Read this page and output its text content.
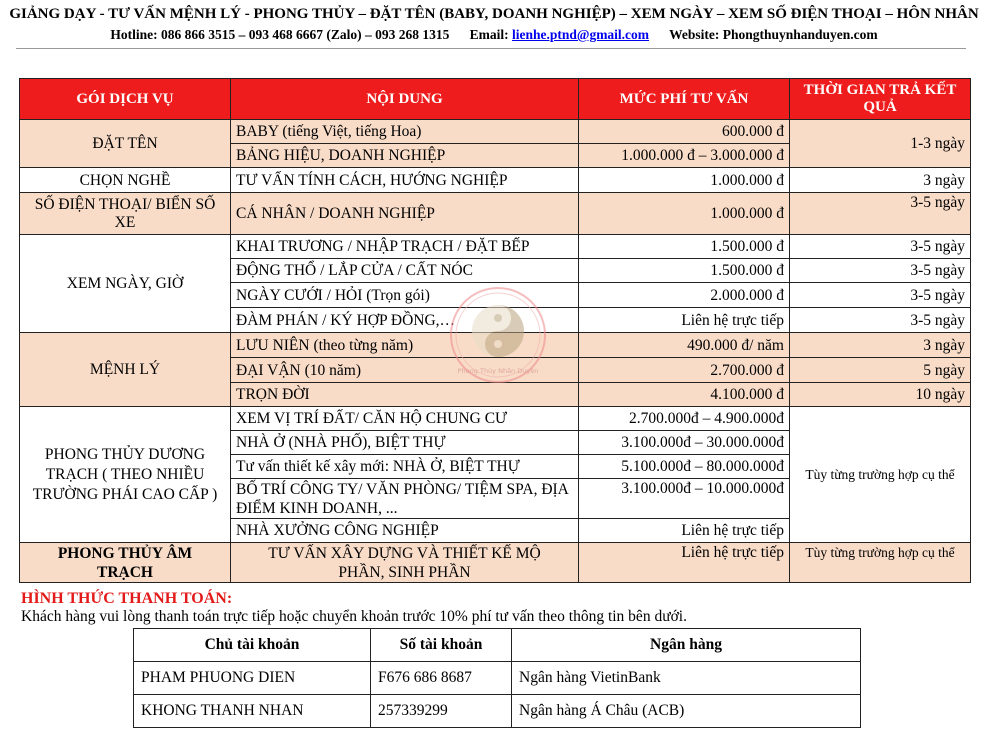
GIẢNG DẠY - TƯ VẤN MỆNH LÝ - PHONG THỦY – ĐẶT TÊN (BABY, DOANH NGHIỆP) – XEM NGÀY – XEM SỐ ĐIỆN THOẠI – HÔN NHÂN
Hotline: 086 866 3515 – 093 468 6667 (Zalo) – 093 268 1315 Email: lienhe.ptnd@gmail.com Website: Phongthuynhanduyen.com
GÓI DỊCH VỤ	NỘI DUNG	MỨC PHÍ TƯ VẤN	THỜI GIAN TRẢ KẾT QUẢ
ĐẶT TÊN	BABY (tiếng Việt, tiếng Hoa)	600.000 đ	1-3 ngày
	BẢNG HIỆU, DOANH NGHIỆP	1.000.000 đ – 3.000.000 đ	
CHỌN NGHỀ	TƯ VẤN TÍNH CÁCH, HƯỚNG NGHIỆP	1.000.000 đ	3 ngày
SỐ ĐIỆN THOẠI/ BIỂN SỐ XE	CÁ NHÂN / DOANH NGHIỆP	1.000.000 đ	3-5 ngày
XEM NGÀY, GIỜ	KHAI TRƯƠNG / NHẬP TRẠCH / ĐẶT BẾP	1.500.000 đ	3-5 ngày
	ĐỘNG THỔ / LẮP CỬA / CẤT NÓC	1.500.000 đ	3-5 ngày
	NGÀY CƯỚI / HỎI (Trọn gói)	2.000.000 đ	3-5 ngày
	ĐÀM PHÁN / KÝ HỢP ĐỒNG,…	Liên hệ trực tiếp	3-5 ngày
MỆNH LÝ	LƯU NIÊN (theo từng năm)	490.000 đ/ năm	3 ngày
	ĐẠI VẬN (10 năm)	2.700.000 đ	5 ngày
	TRỌN ĐỜI	4.100.000 đ	10 ngày
PHONG THỦY DƯƠNG TRẠCH ( THEO NHIỀU TRƯỜNG PHÁI CAO CẤP )	XEM VỊ TRÍ ĐẤT/ CĂN HỘ CHUNG CƯ	2.700.000đ – 4.900.000đ	Tùy từng trường hợp cụ thể
	NHÀ Ở (NHÀ PHỐ), BIỆT THỰ	3.100.000đ – 30.000.000đ	
	Tư vấn thiết kế xây mới: NHÀ Ở, BIỆT THỰ	5.100.000đ – 80.000.000đ	
	BỐ TRÍ CÔNG TY/ VĂN PHÒNG/ TIỆM SPA, ĐỊA ĐIỂM KINH DOANH, ...	3.100.000đ – 10.000.000đ	
	NHÀ XƯỞNG CÔNG NGHIỆP	Liên hệ trực tiếp	
PHONG THỦY ÂM TRẠCH	TƯ VẤN XÂY DỰNG VÀ THIẾT KẾ MỘ PHẦN, SINH PHẦN	Liên hệ trực tiếp	Tùy từng trường hợp cụ thể
Phong Thủy Nhân Duyên
HÌNH THỨC THANH TOÁN:
Khách hàng vui lòng thanh toán trực tiếp hoặc chuyển khoản trước 10% phí tư vấn theo thông tin bên dưới.
Chủ tài khoản	Số tài khoản	Ngân hàng
PHAM PHUONG DIEN	F676 686 8687	Ngân hàng VietinBank
KHONG THANH NHAN	257339299	Ngân hàng Á Châu (ACB)
